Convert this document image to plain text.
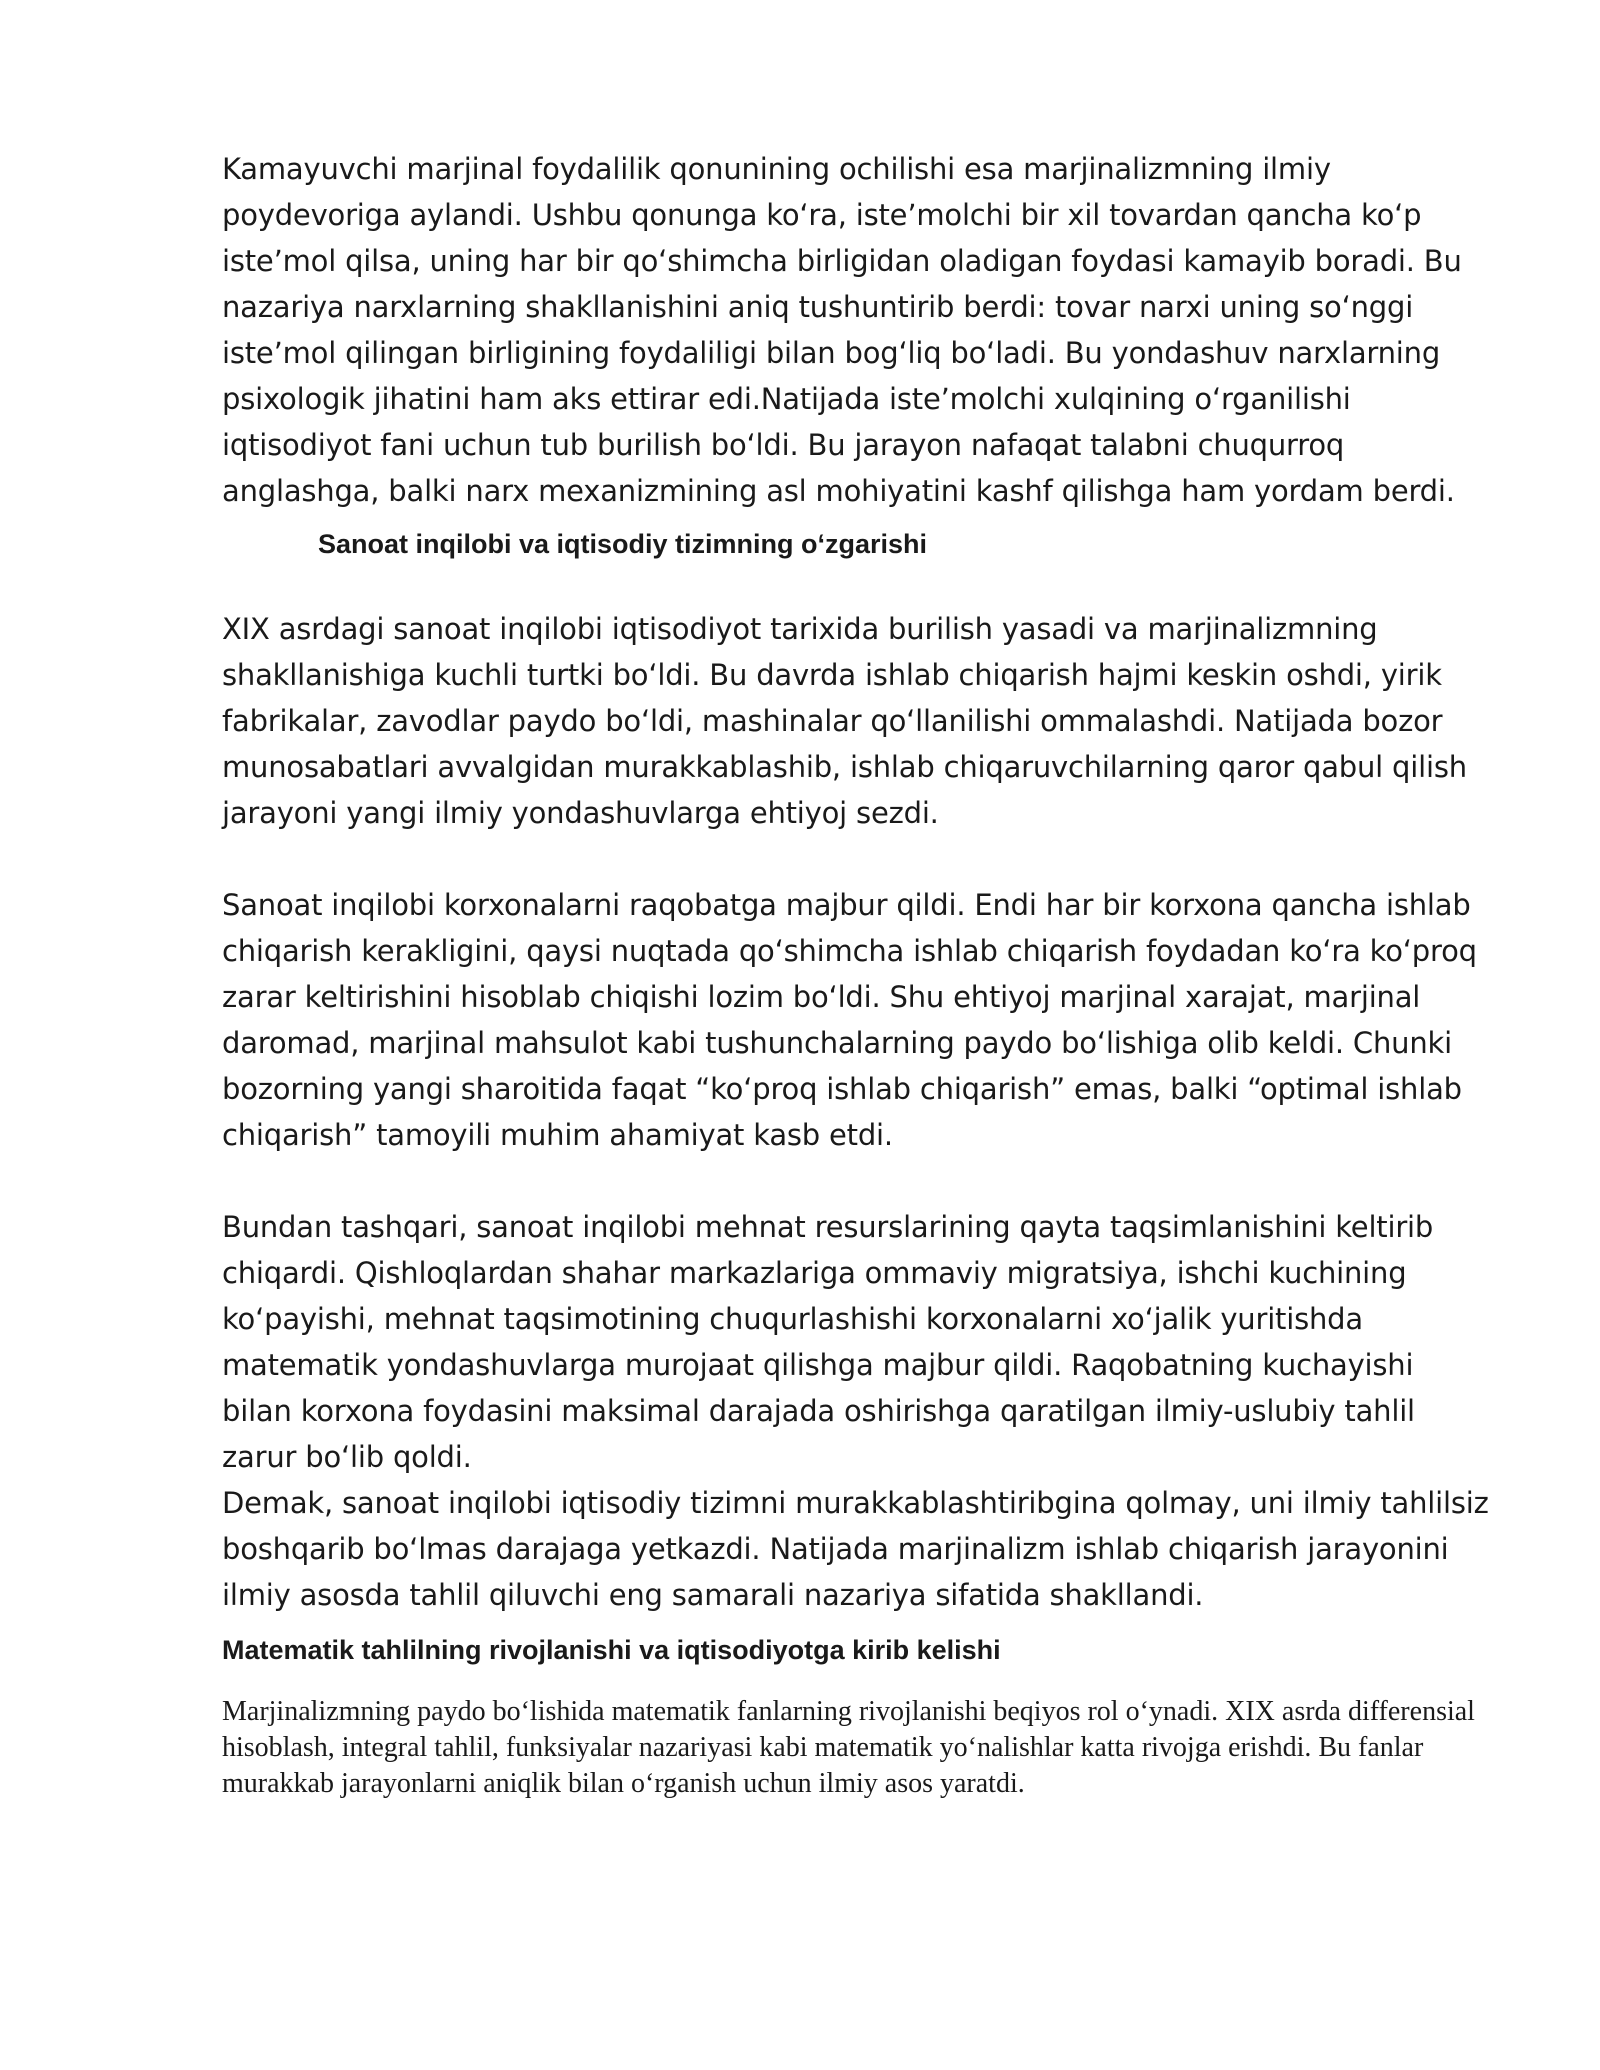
Kamayuvchi marjinal foydalilik qonunining ochilishi esa marjinalizmning ilmiy poydevoriga aylandi. Ushbu qonunga ko‘ra, iste’molchi bir xil tovardan qancha ko‘p iste’mol qilsa, uning har bir qo‘shimcha birligidan oladigan foydasi kamayib boradi. Bu nazariya narxlarning shakllanishini aniq tushuntirib berdi: tovar narxi uning so‘nggi iste’mol qilingan birligining foydaliligi bilan bog‘liq bo‘ladi. Bu yondashuv narxlarning psixologik jihatini ham aks ettirar edi.Natijada iste’molchi xulqining o‘rganilishi iqtisodiyot fani uchun tub burilish bo‘ldi. Bu jarayon nafaqat talabni chuqurroq anglashga, balki narx mexanizmining asl mohiyatini kashf qilishga ham yordam berdi.

Sanoat inqilobi va iqtisodiy tizimning o‘zgarishi

XIX asrdagi sanoat inqilobi iqtisodiyot tarixida burilish yasadi va marjinalizmning shakllanishiga kuchli turtki bo‘ldi. Bu davrda ishlab chiqarish hajmi keskin oshdi, yirik fabrikalar, zavodlar paydo bo‘ldi, mashinalar qo‘llanilishi ommalashdi. Natijada bozor munosabatlari avvalgidan murakkablashib, ishlab chiqaruvchilarning qaror qabul qilish jarayoni yangi ilmiy yondashuvlarga ehtiyoj sezdi.

Sanoat inqilobi korxonalarni raqobatga majbur qildi. Endi har bir korxona qancha ishlab chiqarish kerakligini, qaysi nuqtada qo‘shimcha ishlab chiqarish foydadan ko‘ra ko‘proq zarar keltirishini hisoblab chiqishi lozim bo‘ldi. Shu ehtiyoj marjinal xarajat, marjinal daromad, marjinal mahsulot kabi tushunchalarning paydo bo‘lishiga olib keldi. Chunki bozorning yangi sharoitida faqat “ko‘proq ishlab chiqarish” emas, balki “optimal ishlab chiqarish” tamoyili muhim ahamiyat kasb etdi.

Bundan tashqari, sanoat inqilobi mehnat resurslarining qayta taqsimlanishini keltirib chiqardi. Qishloqlardan shahar markazlariga ommaviy migratsiya, ishchi kuchining ko‘payishi, mehnat taqsimotining chuqurlashishi korxonalarni xo‘jalik yuritishda matematik yondashuvlarga murojaat qilishga majbur qildi. Raqobatning kuchayishi bilan korxona foydasini maksimal darajada oshirishga qaratilgan ilmiy-uslubiy tahlil zarur bo‘lib qoldi.

Demak, sanoat inqilobi iqtisodiy tizimni murakkablashtiribgina qolmay, uni ilmiy tahlilsiz boshqarib bo‘lmas darajaga yetkazdi. Natijada marjinalizm ishlab chiqarish jarayonini ilmiy asosda tahlil qiluvchi eng samarali nazariya sifatida shakllandi.

Matematik tahlilning rivojlanishi va iqtisodiyotga kirib kelishi

Marjinalizmning paydo bo‘lishida matematik fanlarning rivojlanishi beqiyos rol o‘ynadi. XIX asrda differensial hisoblash, integral tahlil, funksiyalar nazariyasi kabi matematik yo‘nalishlar katta rivojga erishdi. Bu fanlar murakkab jarayonlarni aniqlik bilan o‘rganish uchun ilmiy asos yaratdi.
